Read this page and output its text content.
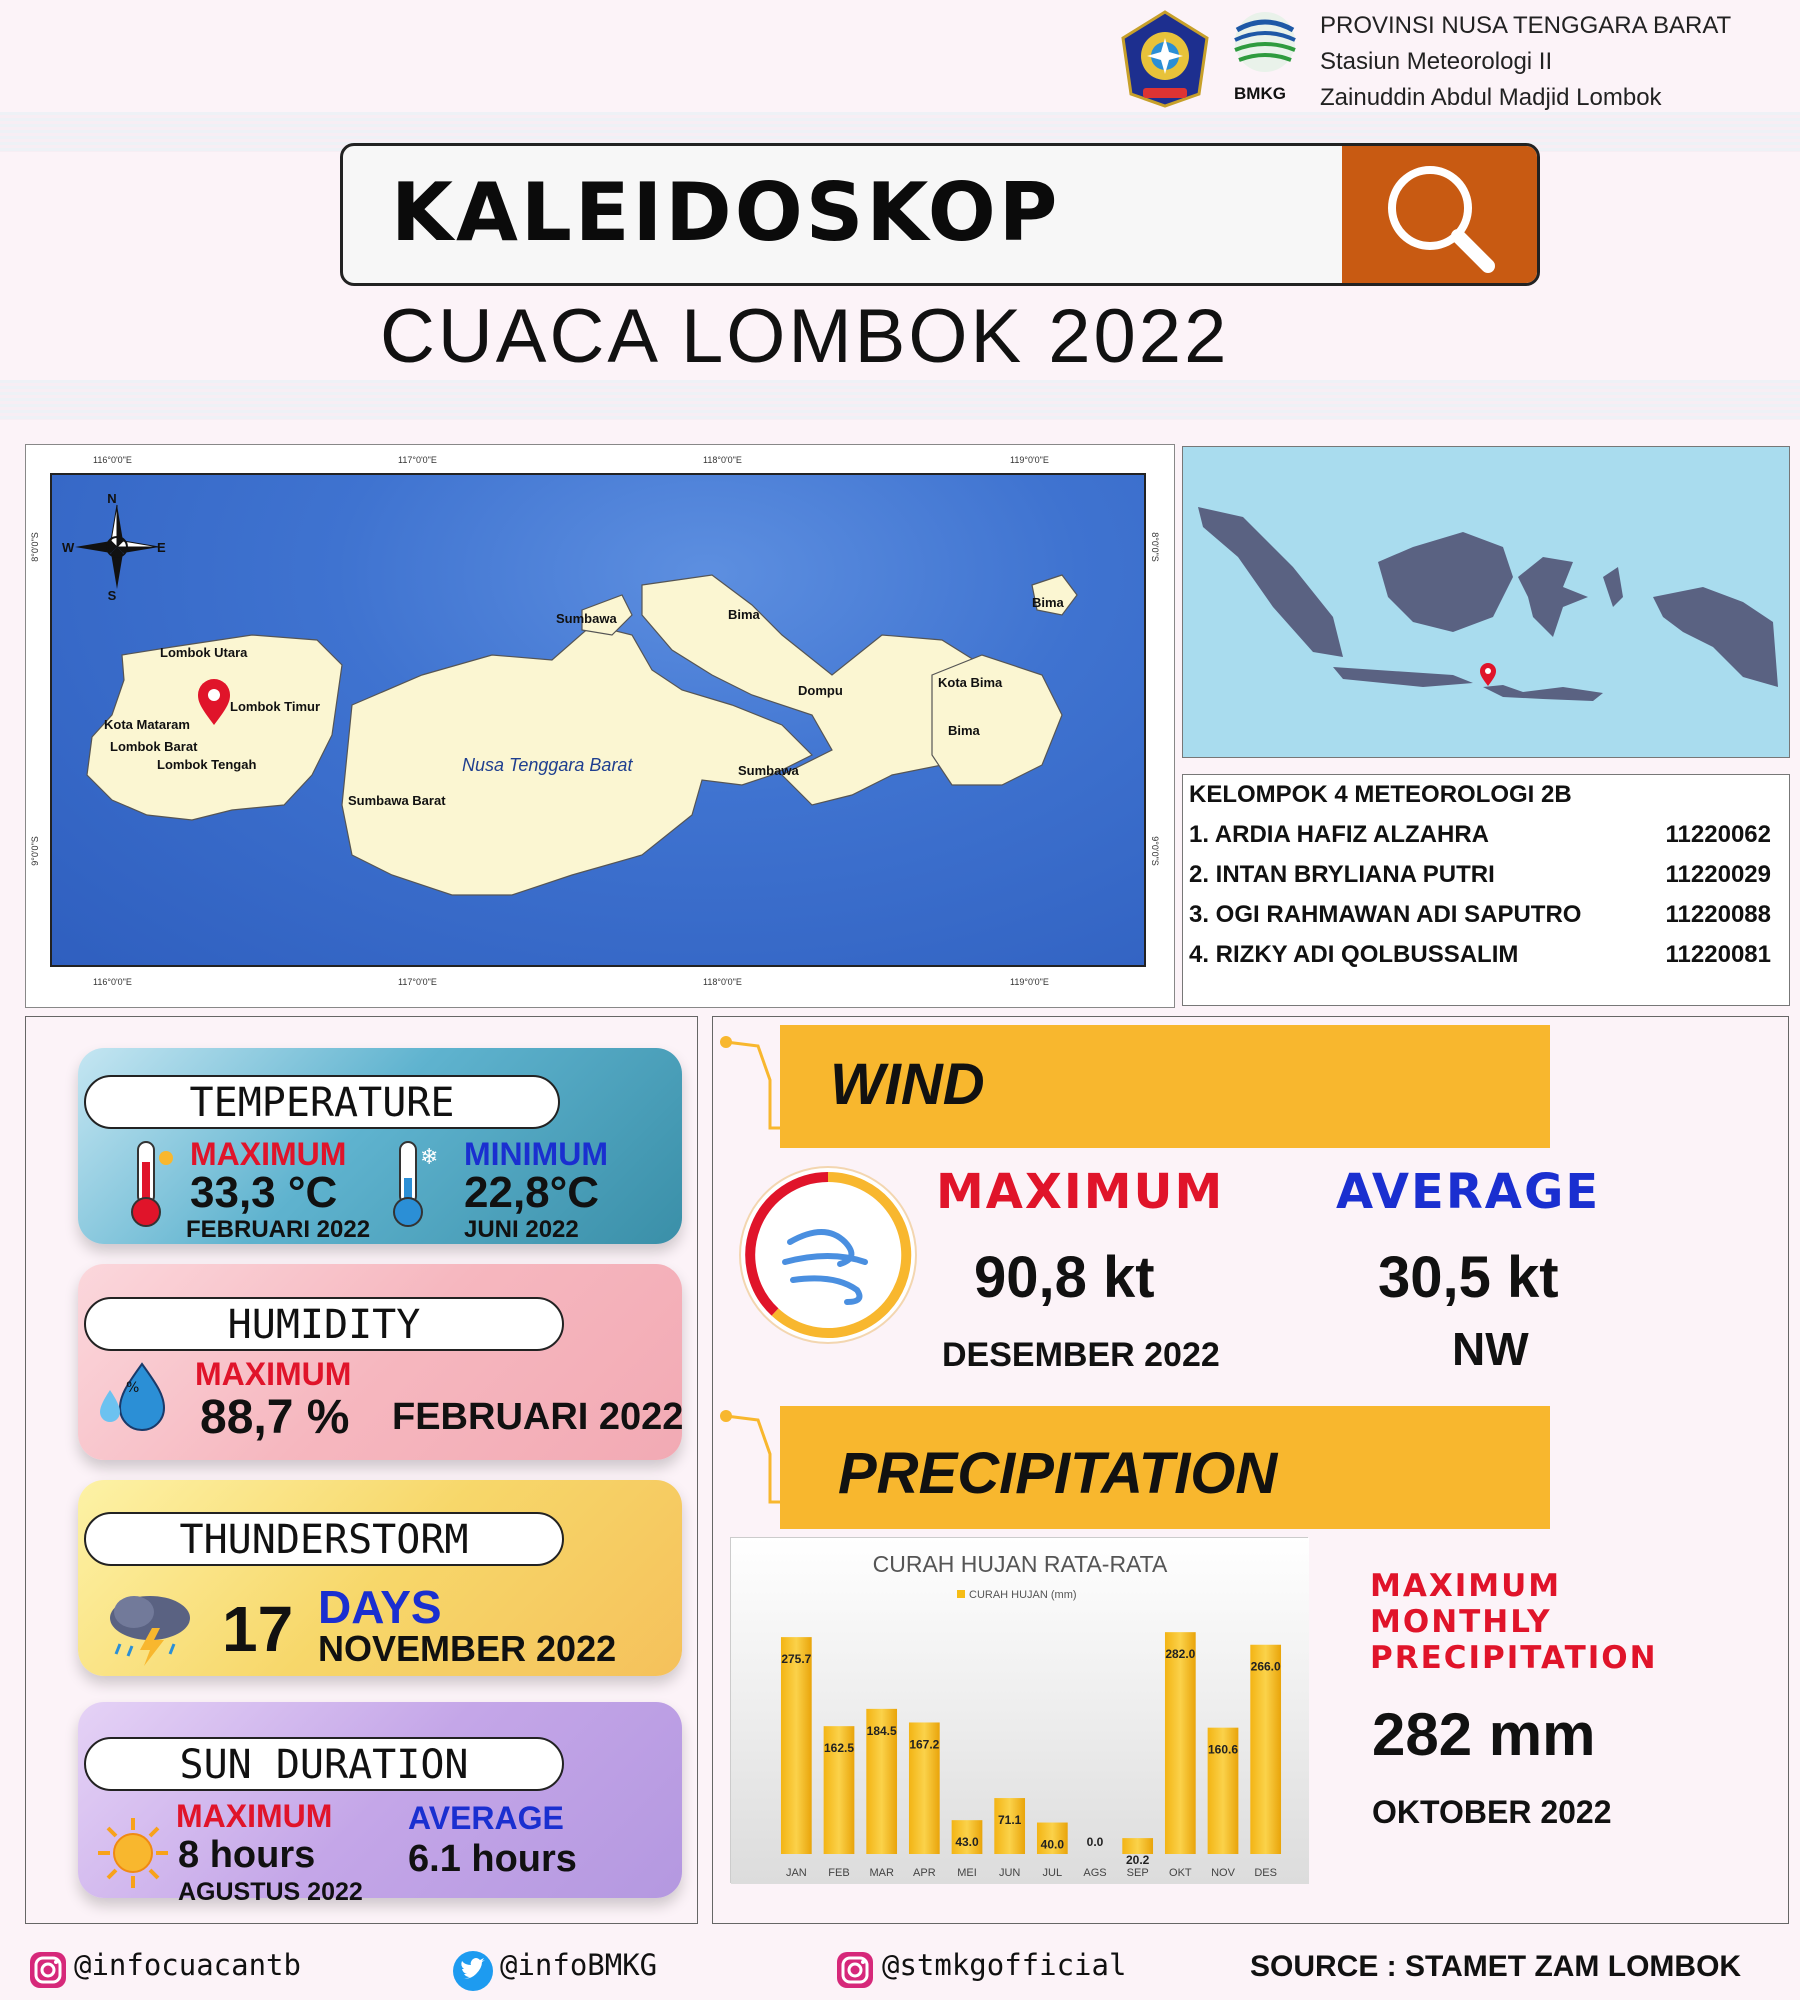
BMKG
PROVINSI NUSA TENGGARA BARAT
Stasiun Meteorologi II
Zainuddin Abdul Madjid Lombok
KALEIDOSKOP
CUACA LOMBOK 2022
116°0'0"E	117°0'0"E	118°0'0"E	119°0'0"E
116°0'0"E	117°0'0"E	118°0'0"E	119°0'0"E
8°0'0"S
9°0'0"S
8°0'0"S
9°0'0"S
N
S
E
W
Lombok Utara
Lombok Timur
Kota Mataram
Lombok Barat
Lombok Tengah
Sumbawa
Sumbawa Barat
Nusa Tenggara Barat	Sumbawa
Dompu
Bima
Bima
Kota Bima
Bima
KELOMPOK 4 METEOROLOGI 2B
1. ARDIA HAFIZ ALZAHRA	11220062
2. INTAN BRYLIANA PUTRI	11220029
3. OGI RAHMAWAN ADI SAPUTRO	11220088
4. RIZKY ADI QOLBUSSALIM	11220081
TEMPERATURE
MAXIMUM
33,3 °C
FEBRUARI 2022
❄ MINIMUM
22,8°C
JUNI 2022
HUMIDITY
% MAXIMUM
88,7 % FEBRUARI 2022
THUNDERSTORM
17 DAYS
NOVEMBER 2022
SUN DURATION
MAXIMUM
8 hours
AGUSTUS 2022
AVERAGE
6.1 hours
WIND
MAXIMUM
90,8 kt
DESEMBER 2022
AVERAGE
30,5 kt
NW
PRECIPITATION
CURAH HUJAN RATA-RATA
CURAH HUJAN (mm)
275.7
JAN
162.5
FEB
184.5
MAR
167.2
APR
43.0
MEI
71.1
JUN
40.0
JUL
0.0
AGS
20.2
SEP
282.0
OKT
160.6
NOV
266.0
DES
MAXIMUM
MONTHLY
PRECIPITATION
282 mm
OKTOBER 2022
@infocuacantb	@infoBMKG	@stmkgofficial	SOURCE : STAMET ZAM LOMBOK
